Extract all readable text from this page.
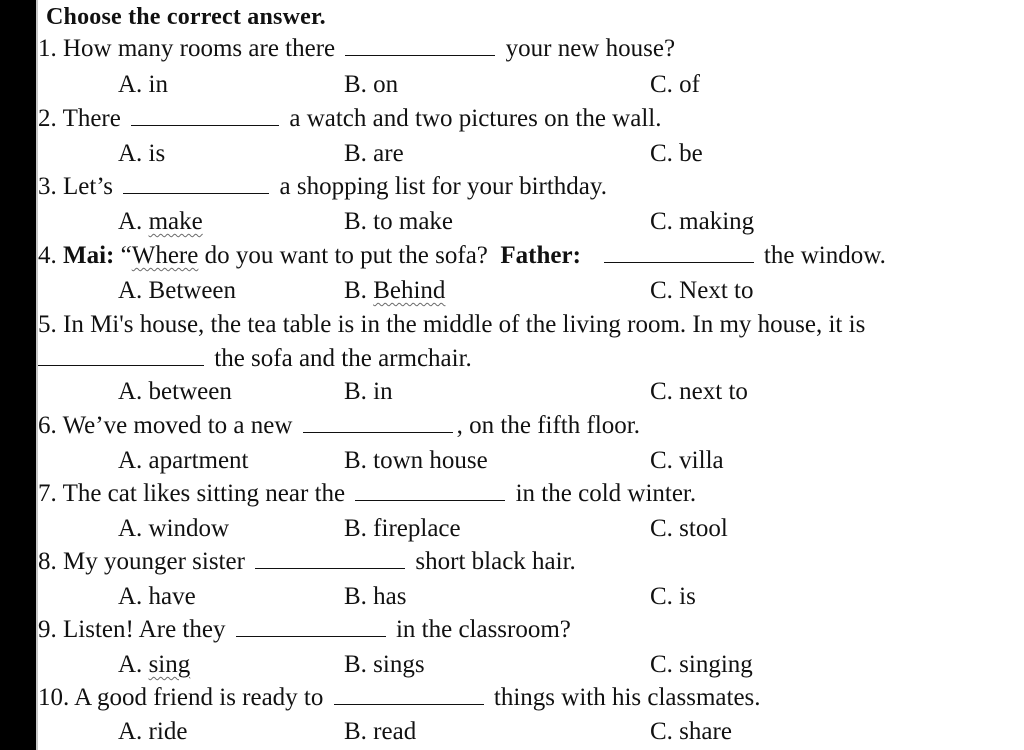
Choose the correct answer.
1. How many rooms are there	your new house?
A. in	B. on	C. of
2. There	a watch and two pictures on the wall.
A. is	B. are	C. be
3. Let’s	a shopping list for your birthday.
A. make	B. to make	C. making
4. Mai: “Where do you want to put the sofa? Father:	the window.
A. Between	B. Behind	C. Next to
5. In Mi's house, the tea table is in the middle of the living room. In my house, it is
the sofa and the armchair.
A. between	B. in	C. next to
6. We’ve moved to a new	, on the fifth floor.
A. apartment	B. town house	C. villa
7. The cat likes sitting near the	in the cold winter.
A. window	B. fireplace	C. stool
8. My younger sister	short black hair.
A. have	B. has	C. is
9. Listen! Are they	in the classroom?
A. sing	B. sings	C. singing
10. A good friend is ready to	things with his classmates.
A. ride	B. read	C. share
